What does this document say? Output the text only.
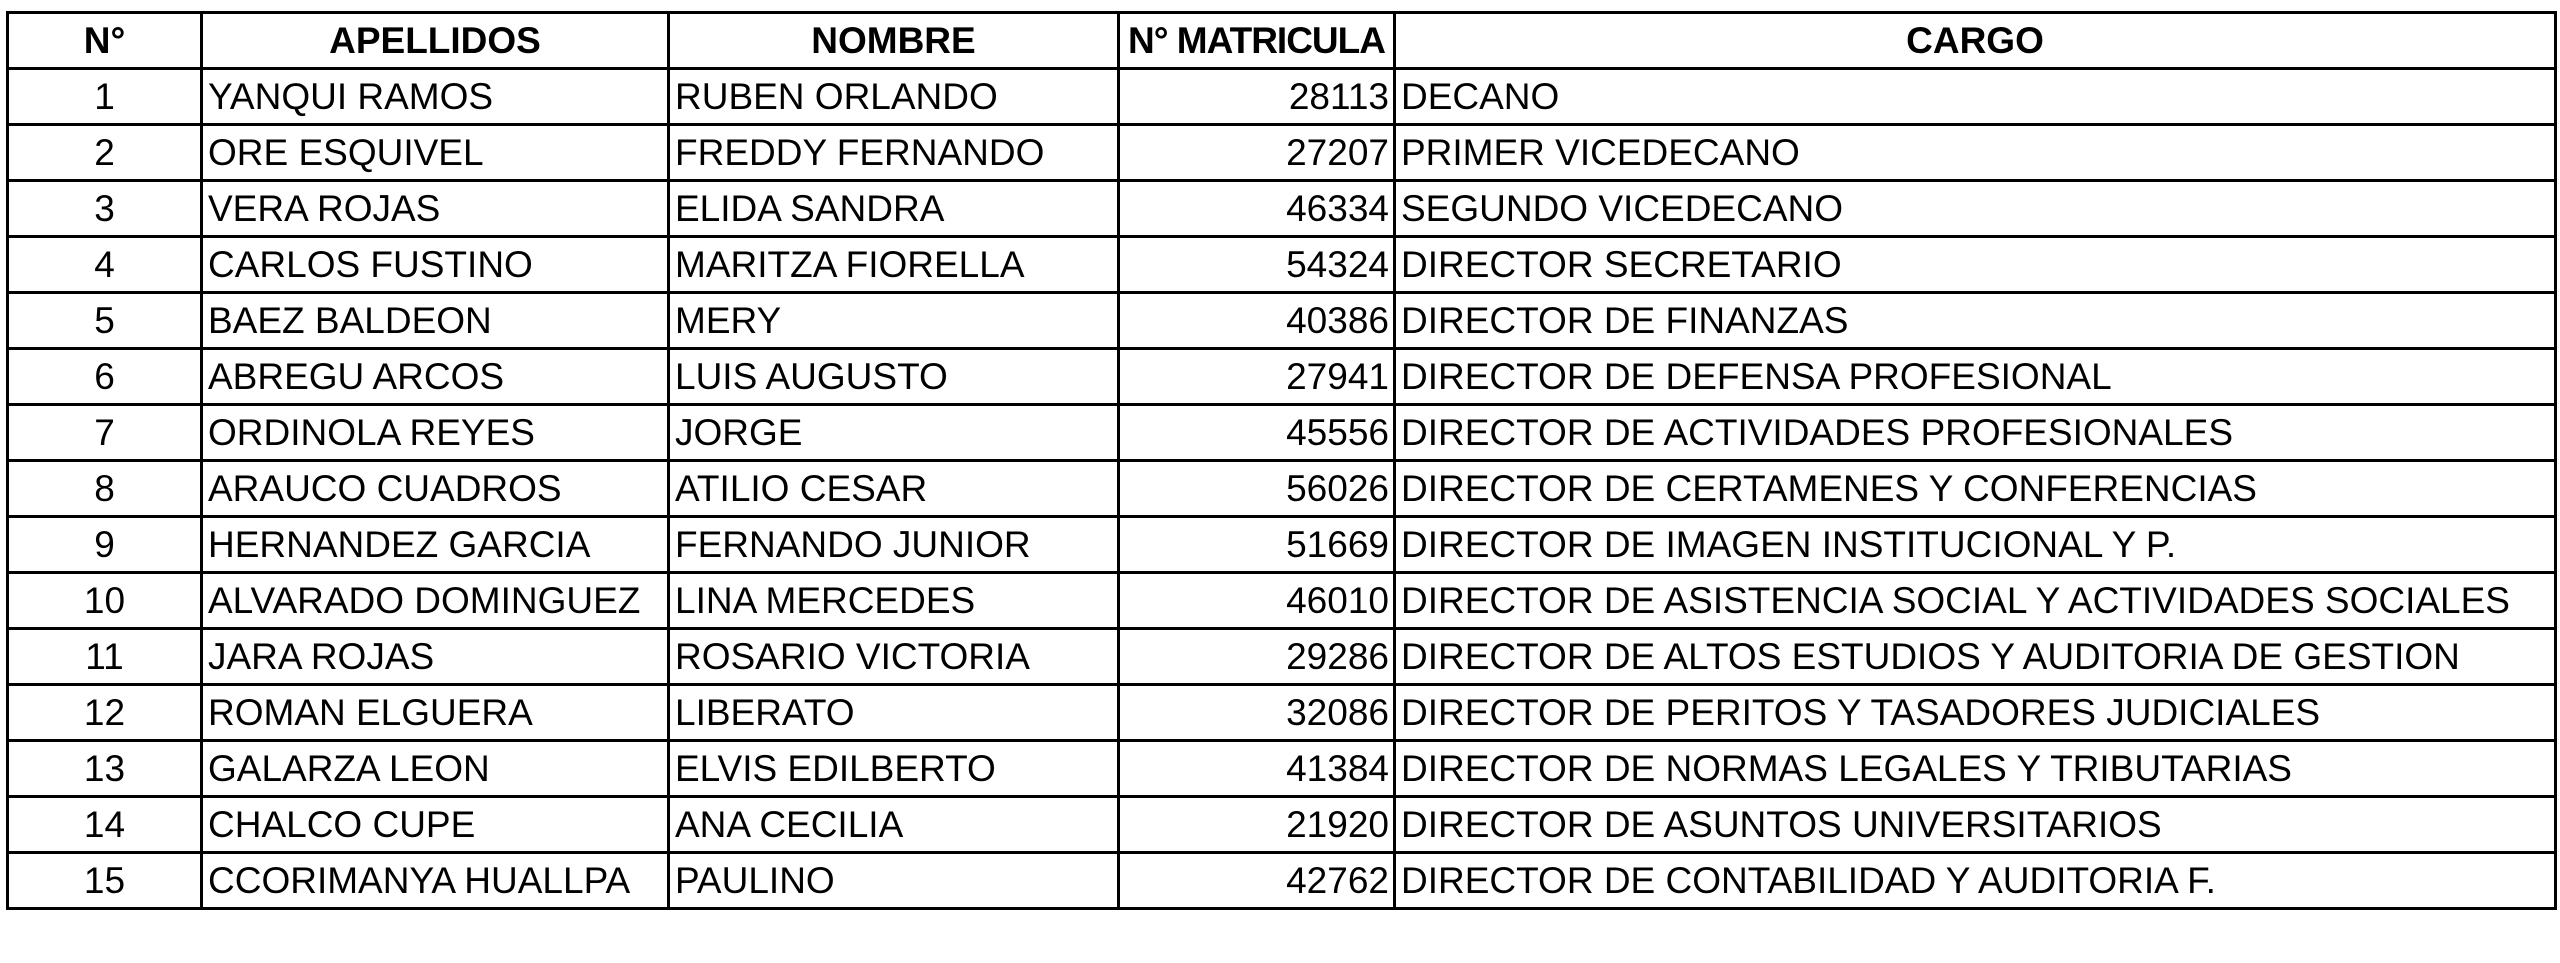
N°	APELLIDOS	NOMBRE	N° MATRICULA	CARGO
1	YANQUI RAMOS	RUBEN ORLANDO	28113	DECANO
2	ORE ESQUIVEL	FREDDY FERNANDO	27207	PRIMER VICEDECANO
3	VERA ROJAS	ELIDA SANDRA	46334	SEGUNDO VICEDECANO
4	CARLOS FUSTINO	MARITZA FIORELLA	54324	DIRECTOR SECRETARIO
5	BAEZ BALDEON	MERY	40386	DIRECTOR DE FINANZAS
6	ABREGU ARCOS	LUIS AUGUSTO	27941	DIRECTOR DE DEFENSA PROFESIONAL
7	ORDINOLA REYES	JORGE	45556	DIRECTOR DE ACTIVIDADES PROFESIONALES
8	ARAUCO CUADROS	ATILIO CESAR	56026	DIRECTOR DE CERTAMENES Y CONFERENCIAS
9	HERNANDEZ GARCIA	FERNANDO JUNIOR	51669	DIRECTOR DE IMAGEN INSTITUCIONAL Y P.
10	ALVARADO DOMINGUEZ	LINA MERCEDES	46010	DIRECTOR DE ASISTENCIA SOCIAL Y ACTIVIDADES SOCIALES
11	JARA ROJAS	ROSARIO VICTORIA	29286	DIRECTOR DE ALTOS ESTUDIOS Y AUDITORIA DE GESTION
12	ROMAN ELGUERA	LIBERATO	32086	DIRECTOR DE PERITOS Y TASADORES JUDICIALES
13	GALARZA LEON	ELVIS EDILBERTO	41384	DIRECTOR DE NORMAS LEGALES Y TRIBUTARIAS
14	CHALCO CUPE	ANA CECILIA	21920	DIRECTOR DE ASUNTOS UNIVERSITARIOS
15	CCORIMANYA HUALLPA	PAULINO	42762	DIRECTOR DE CONTABILIDAD Y AUDITORIA F.
